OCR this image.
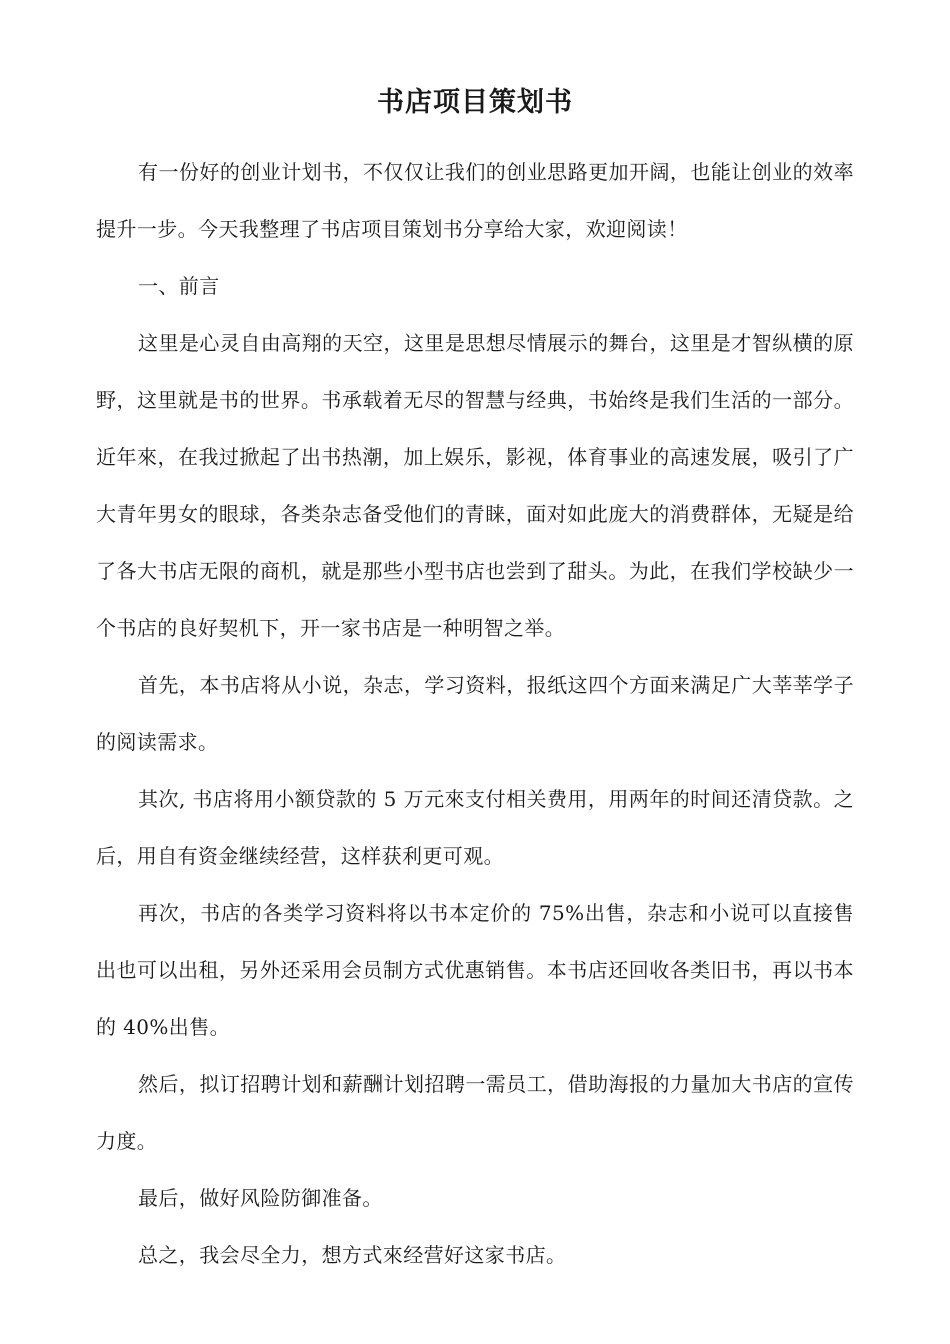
书店项目策划书

有一份好的创业计划书，不仅仅让我们的创业思路更加开阔，也能让创业的效率提升一步。今天我整理了书店项目策划书分享给大家，欢迎阅读！

一、前言

这里是心灵自由高翔的天空，这里是思想尽情展示的舞台，这里是才智纵横的原野，这里就是书的世界。书承载着无尽的智慧与经典，书始终是我们生活的一部分。近年來，在我过掀起了出书热潮，加上娱乐，影视，体育事业的高速发展，吸引了广大青年男女的眼球，各类杂志备受他们的青睐，面对如此庞大的消费群体，无疑是给了各大书店无限的商机，就是那些小型书店也尝到了甜头。为此，在我们学校缺少一个书店的良好契机下，开一家书店是一种明智之举。

首先，本书店将从小说，杂志，学习资料，报纸这四个方面来满足广大莘莘学子的阅读需求。

其次, 书店将用小额贷款的 5 万元來支付相关费用，用两年的时间还清贷款。之后，用自有资金继续经营，这样获利更可观。

再次，书店的各类学习资料将以书本定价的 75%出售，杂志和小说可以直接售出也可以出租，另外还采用会员制方式优惠销售。本书店还回收各类旧书，再以书本的 40%出售。

然后，拟订招聘计划和薪酬计划招聘一需员工，借助海报的力量加大书店的宣传力度。

最后，做好风险防御准备。

总之，我会尽全力，想方式來经营好这家书店。
